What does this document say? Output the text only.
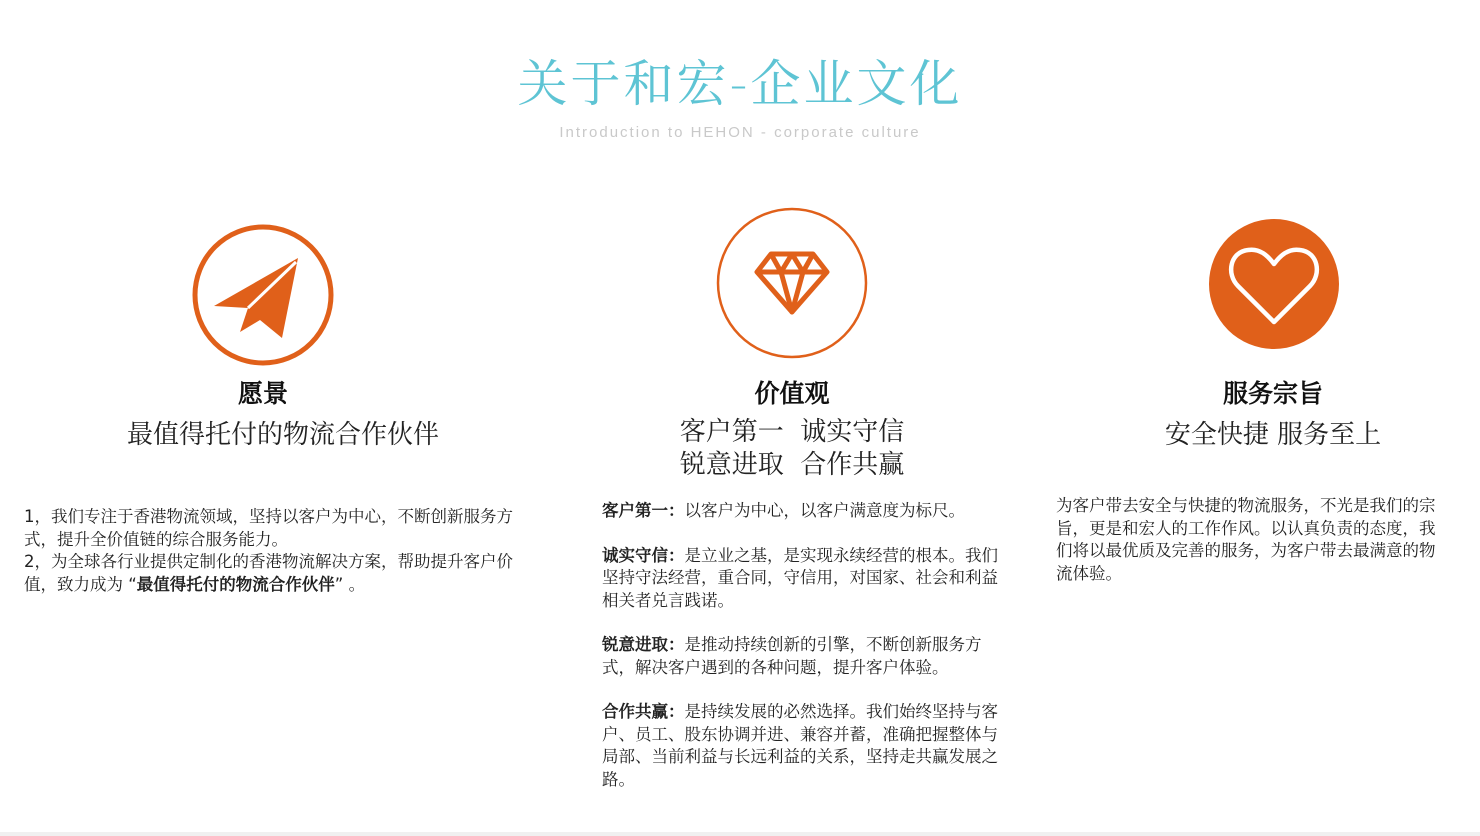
关于和宏-企业文化
Introduction to HEHON - corporate culture
愿景
最值得托付的物流合作伙伴
1，我们专注于香港物流领域，坚持以客户为中心，不断创新服务方式，提升全价值链的综合服务能力。
2，为全球各行业提供定制化的香港物流解决方案，帮助提升客户价值，致力成为 “最值得托付的物流合作伙伴” 。
价值观
客户第一  诚实守信
锐意进取  合作共赢
客户第一：以客户为中心，以客户满意度为标尺。
诚实守信：是立业之基，是实现永续经营的根本。我们坚持守法经营，重合同，守信用，对国家、社会和利益相关者兑言践诺。
锐意进取：是推动持续创新的引擎，不断创新服务方式，解决客户遇到的各种问题，提升客户体验。
合作共赢：是持续发展的必然选择。我们始终坚持与客户、员工、股东协调并进、兼容并蓄，准确把握整体与局部、当前利益与长远利益的关系，坚持走共赢发展之路。
服务宗旨
安全快捷 服务至上
为客户带去安全与快捷的物流服务，不光是我们的宗旨，更是和宏人的工作作风。以认真负责的态度，我们将以最优质及完善的服务，为客户带去最满意的物流体验。
